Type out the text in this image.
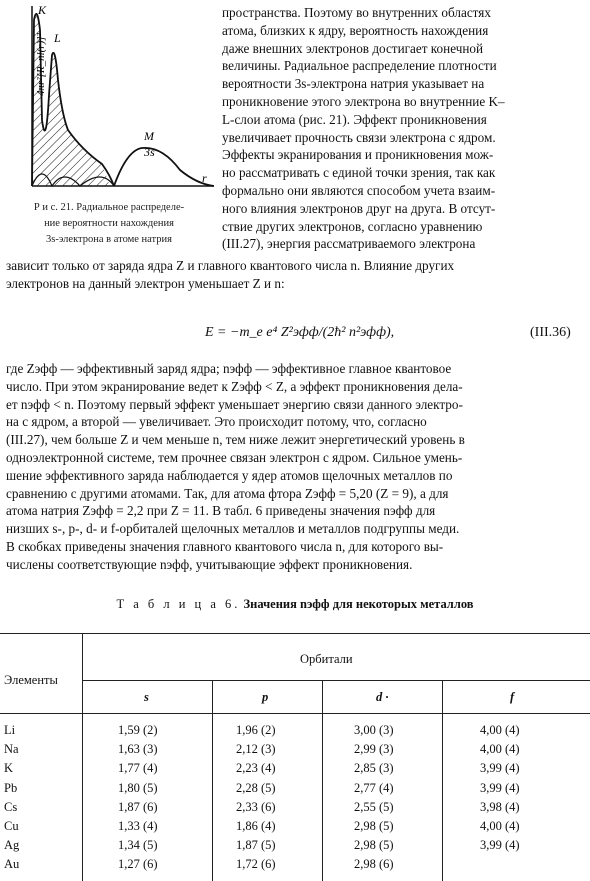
4πr²[R_nl(r)]²
K
L
M
3s
r
Р и с. 21. Радиальное распределе-
ние вероятности нахождения
3s-электрона в атоме натрия
пространства. Поэтому во внутренних областях
атома, близких к ядру, вероятность нахождения
даже внешних электронов достигает конечной
величины. Радиальное распределение плотности
вероятности 3s-электрона натрия указывает на
проникновение этого электрона во внутренние K–
L-слои атома (рис. 21). Эффект проникновения
увеличивает прочность связи электрона с ядром.
Эффекты экранирования и проникновения мож-
но рассматривать с единой точки зрения, так как
формально они являются способом учета взаим-
ного влияния электронов друг на друга. В отсут-
ствие других электронов, согласно уравнению
(III.27), энергия рассматриваемого электрона
зависит только от заряда ядра Z и главного квантового числа n. Влияние других
электронов на данный электрон уменьшает Z и n:
E = −m_e e⁴ Z²эфф/(2ħ² n²эфф),	(III.36)
где Zэфф — эффективный заряд ядра; nэфф — эффективное главное квантовое
число. При этом экранирование ведет к Zэфф < Z, а эффект проникновения дела-
ет nэфф < n. Поэтому первый эффект уменьшает энергию связи данного электро-
на с ядром, а второй — увеличивает. Это происходит потому, что, согласно
(III.27), чем больше Z и чем меньше n, тем ниже лежит энергетический уровень в
одноэлектронной системе, тем прочнее связан электрон с ядром. Сильное умень-
шение эффективного заряда наблюдается у ядер атомов щелочных металлов по
сравнению с другими атомами. Так, для атома фтора Zэфф = 5,20 (Z = 9), а для
атома натрия Zэфф = 2,2 при Z = 11. В табл. 6 приведены значения nэфф для
низших s-, p-, d- и f-орбиталей щелочных металлов и металлов подгруппы меди.
В скобках приведены значения главного квантового числа n, для которого вы-
числены соответствующие nэфф, учитывающие эффект проникновения.
Т а б л и ц а 6. Значения nэфф для некоторых металлов
Элементы
Орбитали
s	p	d ·	f
Li	1,59 (2)	1,96 (2)	3,00 (3)	4,00 (4)
Na	1,63 (3)	2,12 (3)	2,99 (3)	4,00 (4)
K	1,77 (4)	2,23 (4)	2,85 (3)	3,99 (4)
Pb	1,80 (5)	2,28 (5)	2,77 (4)	3,99 (4)
Cs	1,87 (6)	2,33 (6)	2,55 (5)	3,98 (4)
Cu	1,33 (4)	1,86 (4)	2,98 (5)	4,00 (4)
Ag	1,34 (5)	1,87 (5)	2,98 (5)	3,99 (4)
Au	1,27 (6)	1,72 (6)	2,98 (6)
